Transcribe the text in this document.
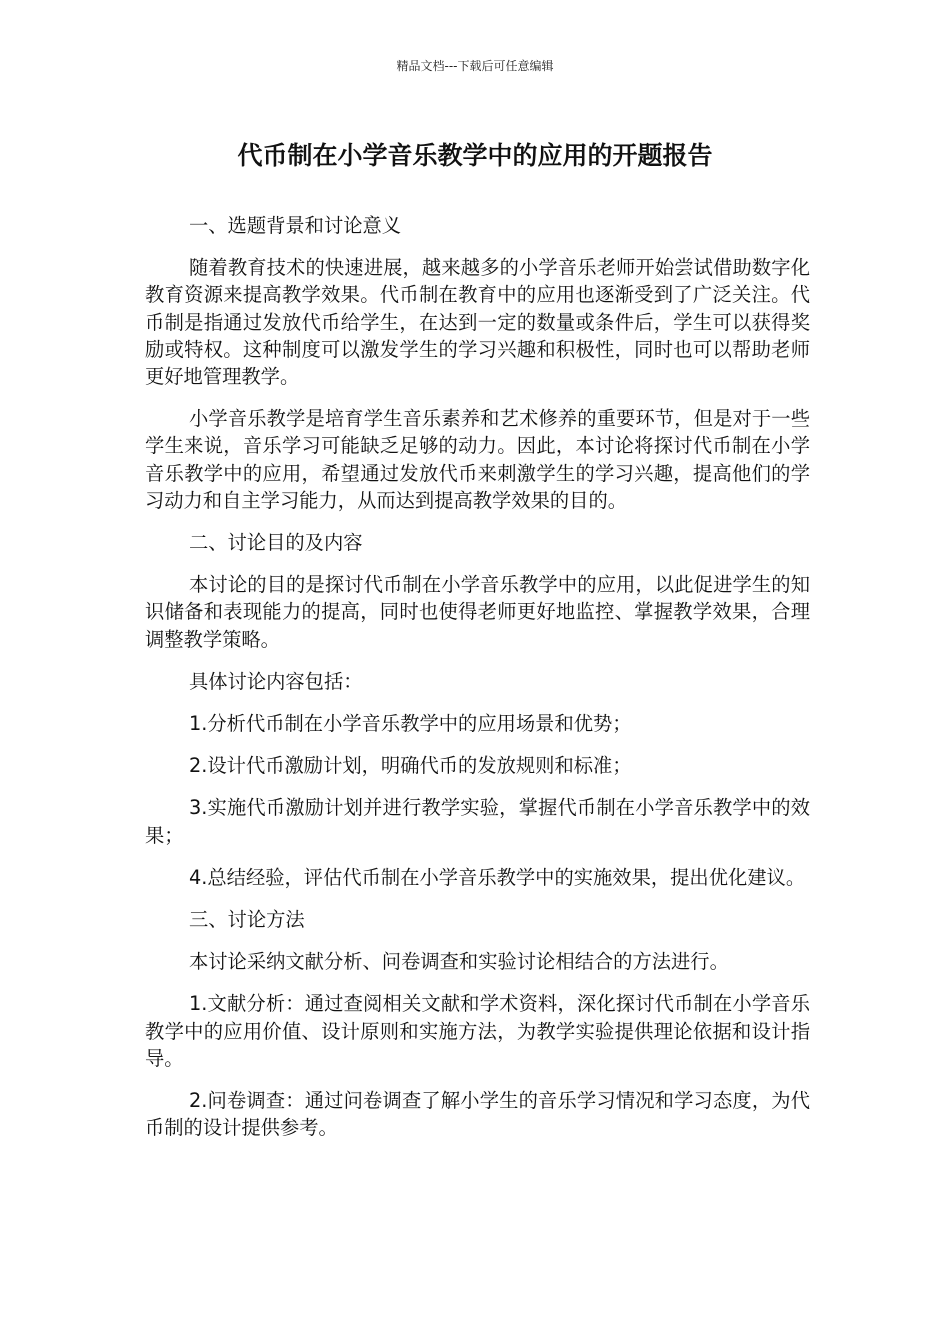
精品文档---下载后可任意编辑
代币制在小学音乐教学中的应用的开题报告

一、选题背景和讨论意义

随着教育技术的快速进展，越来越多的小学音乐老师开始尝试借助数字化教育资源来提高教学效果。代币制在教育中的应用也逐渐受到了广泛关注。代币制是指通过发放代币给学生，在达到一定的数量或条件后，学生可以获得奖励或特权。这种制度可以激发学生的学习兴趣和积极性，同时也可以帮助老师更好地管理教学。

小学音乐教学是培育学生音乐素养和艺术修养的重要环节，但是对于一些学生来说，音乐学习可能缺乏足够的动力。因此，本讨论将探讨代币制在小学音乐教学中的应用，希望通过发放代币来刺激学生的学习兴趣，提高他们的学习动力和自主学习能力，从而达到提高教学效果的目的。

二、讨论目的及内容

本讨论的目的是探讨代币制在小学音乐教学中的应用，以此促进学生的知识储备和表现能力的提高，同时也使得老师更好地监控、掌握教学效果，合理调整教学策略。

具体讨论内容包括：

1.分析代币制在小学音乐教学中的应用场景和优势；

2.设计代币激励计划，明确代币的发放规则和标准；

3.实施代币激励计划并进行教学实验，掌握代币制在小学音乐教学中的效果；

4.总结经验，评估代币制在小学音乐教学中的实施效果，提出优化建议。

三、讨论方法

本讨论采纳文献分析、问卷调查和实验讨论相结合的方法进行。

1.文献分析：通过查阅相关文献和学术资料，深化探讨代币制在小学音乐教学中的应用价值、设计原则和实施方法，为教学实验提供理论依据和设计指导。

2.问卷调查：通过问卷调查了解小学生的音乐学习情况和学习态度，为代币制的设计提供参考。
